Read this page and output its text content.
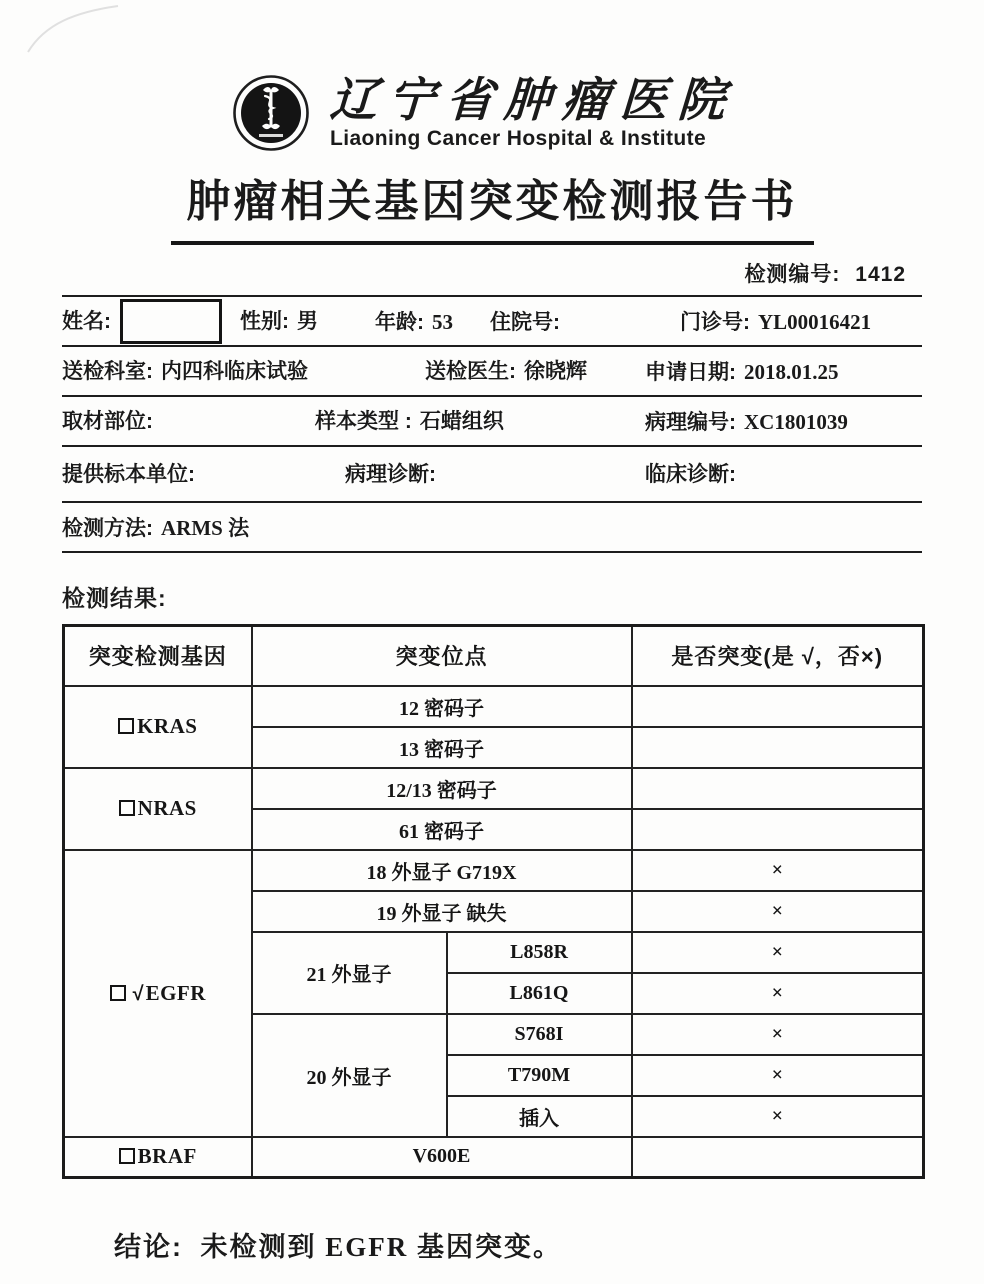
辽宁省肿瘤医院
Liaoning Cancer Hospital & Institute
肿瘤相关基因突变检测报告书
检测编号: 1412
姓名:	性别: 男	年龄: 53 住院号:	门诊号: YL00016421
送检科室: 内四科临床试验	送检医生: 徐晓辉	申请日期: 2018.01.25
取材部位:	样本类型 : 石蜡组织	病理编号: XC1801039
提供标本单位:	病理诊断:	临床诊断:
检测方法: ARMS 法
检测结果:
突变检测基因	突变位点		是否突变(是 √，否×)
KRAS	12 密码子		
	13 密码子		
NRAS	12/13 密码子		
	61 密码子		
√EGFR	18 外显子 G719X		×
	19 外显子 缺失		×
	21 外显子	L858R	×
		L861Q	×
	20 外显子	S768I	×
		T790M	×
		插入	×
BRAF	V600E		
结论: 未检测到 EGFR 基因突变。
